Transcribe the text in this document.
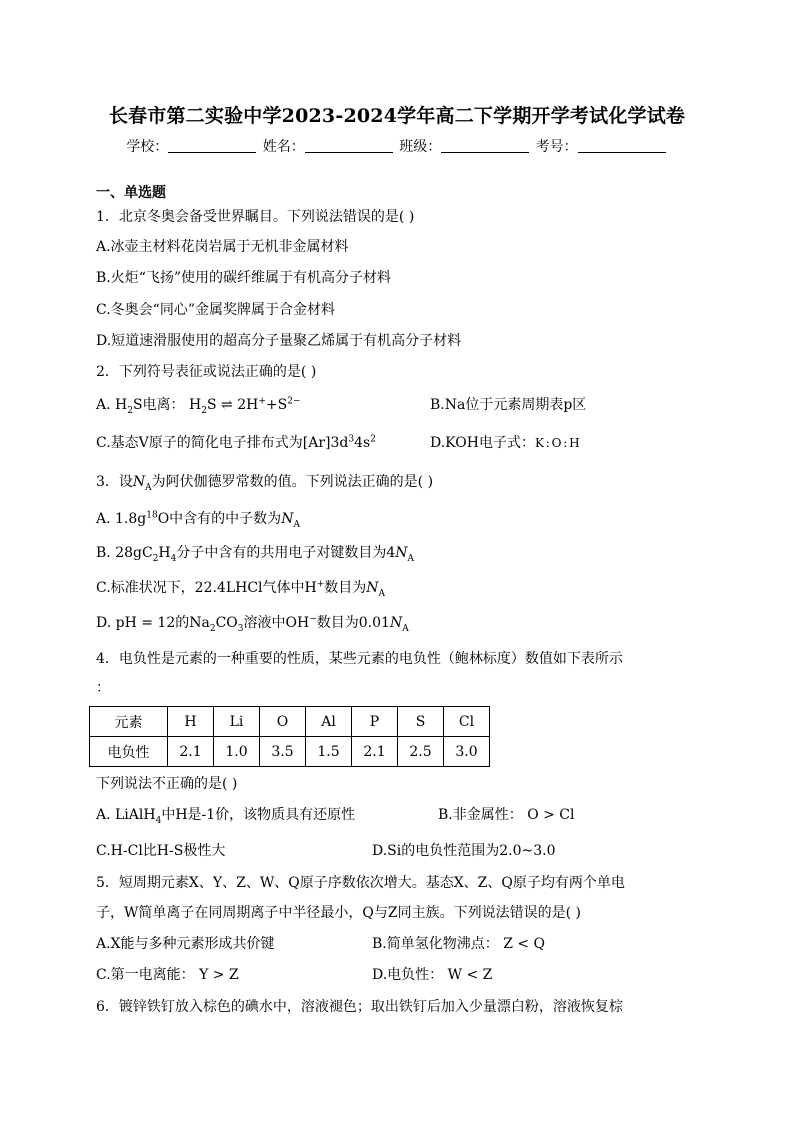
长春市第二实验中学2023-2024学年高二下学期开学考试化学试卷
学校：	姓名：	班级：	考号：
一、单选题
1．北京冬奥会备受世界瞩目。下列说法错误的是( )
A.冰壶主材料花岗岩属于无机非金属材料
B.火炬“飞扬”使用的碳纤维属于有机高分子材料
C.冬奥会“同心”金属奖牌属于合金材料
D.短道速滑服使用的超高分子量聚乙烯属于有机高分子材料
2．下列符号表征或说法正确的是( )
A. $H_2S$电离： $H_2S$ ⇌ $2H^++S^{2-}$	B.Na位于元素周期表p区
C.基态V原子的简化电子排布式为$[Ar]3d^34s^2$	D.KOH电子式：K : O : H
3．设$N_A$为阿伏伽德罗常数的值。下列说法正确的是( )
A. $1.8g^{18}O$中含有的中子数为$N_A$
B. $28gC_2H_4$分子中含有的共用电子对键数目为$4N_A$
C.标准状况下，22.4LHCl气体中H+数目为$N_A$
D. pH = 12的$Na_2CO_3$溶液中OH−数目为$0.01N_A$
4．电负性是元素的一种重要的性质，某些元素的电负性（鲍林标度）数值如下表所示
：
元素	H	Li	O	Al	P	S	Cl
电负性	2.1	1.0	3.5	1.5	2.1	2.5	3.0
下列说法不正确的是( )
A. LiAlH$_4$中H是-1价，该物质具有还原性	B.非金属性： O > Cl
C.H-Cl比H-S极性大	D.Si的电负性范围为2.0~3.0
5．短周期元素X、Y、Z、W、Q原子序数依次增大。基态X、Z、Q原子均有两个单电
子，W简单离子在同周期离子中半径最小，Q与Z同主族。下列说法错误的是( )
A.X能与多种元素形成共价键	B.简单氢化物沸点： Z < Q
C.第一电离能： Y > Z	D.电负性： W < Z
6．镀锌铁钉放入棕色的碘水中，溶液褪色；取出铁钉后加入少量漂白粉，溶液恢复棕
